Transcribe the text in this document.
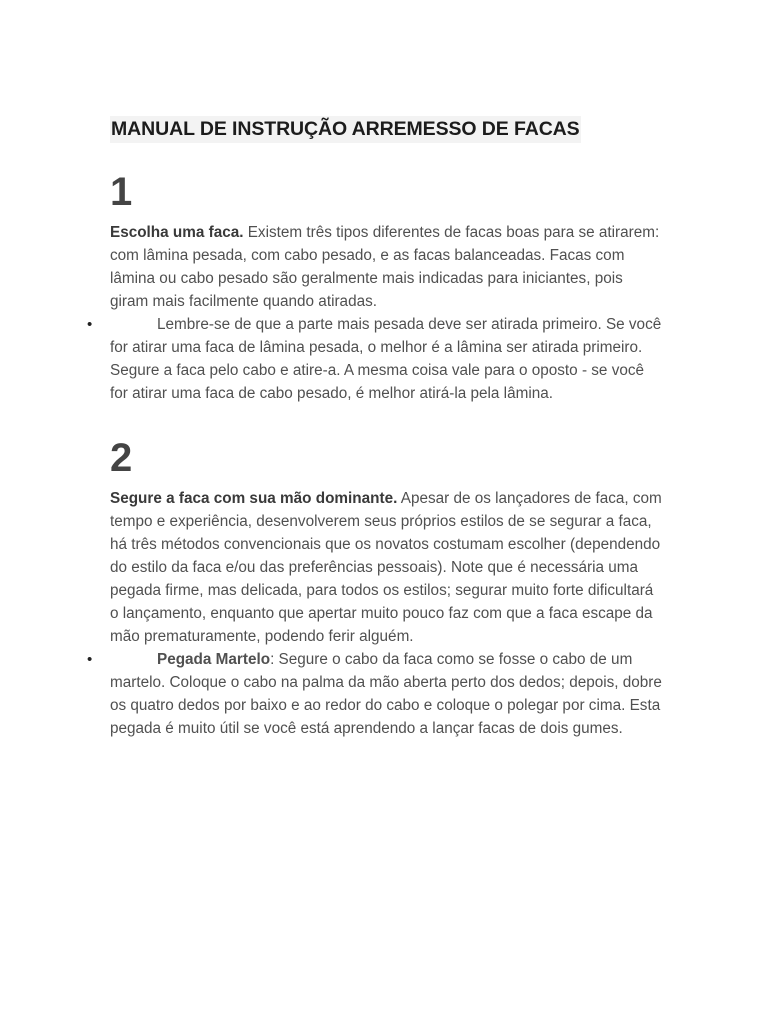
MANUAL DE INSTRUÇÃO ARREMESSO DE FACAS
1

Escolha uma faca. Existem três tipos diferentes de facas boas para se atirarem: com lâmina pesada, com cabo pesado, e as facas balanceadas. Facas com lâmina ou cabo pesado são geralmente mais indicadas para iniciantes, pois giram mais facilmente quando atiradas.

•	Lembre-se de que a parte mais pesada deve ser atirada primeiro. Se você for atirar uma faca de lâmina pesada, o melhor é a lâmina ser atirada primeiro. Segure a faca pelo cabo e atire-a. A mesma coisa vale para o oposto - se você for atirar uma faca de cabo pesado, é melhor atirá-la pela lâmina.

2

Segure a faca com sua mão dominante. Apesar de os lançadores de faca, com tempo e experiência, desenvolverem seus próprios estilos de se segurar a faca, há três métodos convencionais que os novatos costumam escolher (dependendo do estilo da faca e/ou das preferências pessoais). Note que é necessária uma pegada firme, mas delicada, para todos os estilos; segurar muito forte dificultará o lançamento, enquanto que apertar muito pouco faz com que a faca escape da mão prematuramente, podendo ferir alguém.

•	Pegada Martelo: Segure o cabo da faca como se fosse o cabo de um martelo. Coloque o cabo na palma da mão aberta perto dos dedos; depois, dobre os quatro dedos por baixo e ao redor do cabo e coloque o polegar por cima. Esta pegada é muito útil se você está aprendendo a lançar facas de dois gumes.
